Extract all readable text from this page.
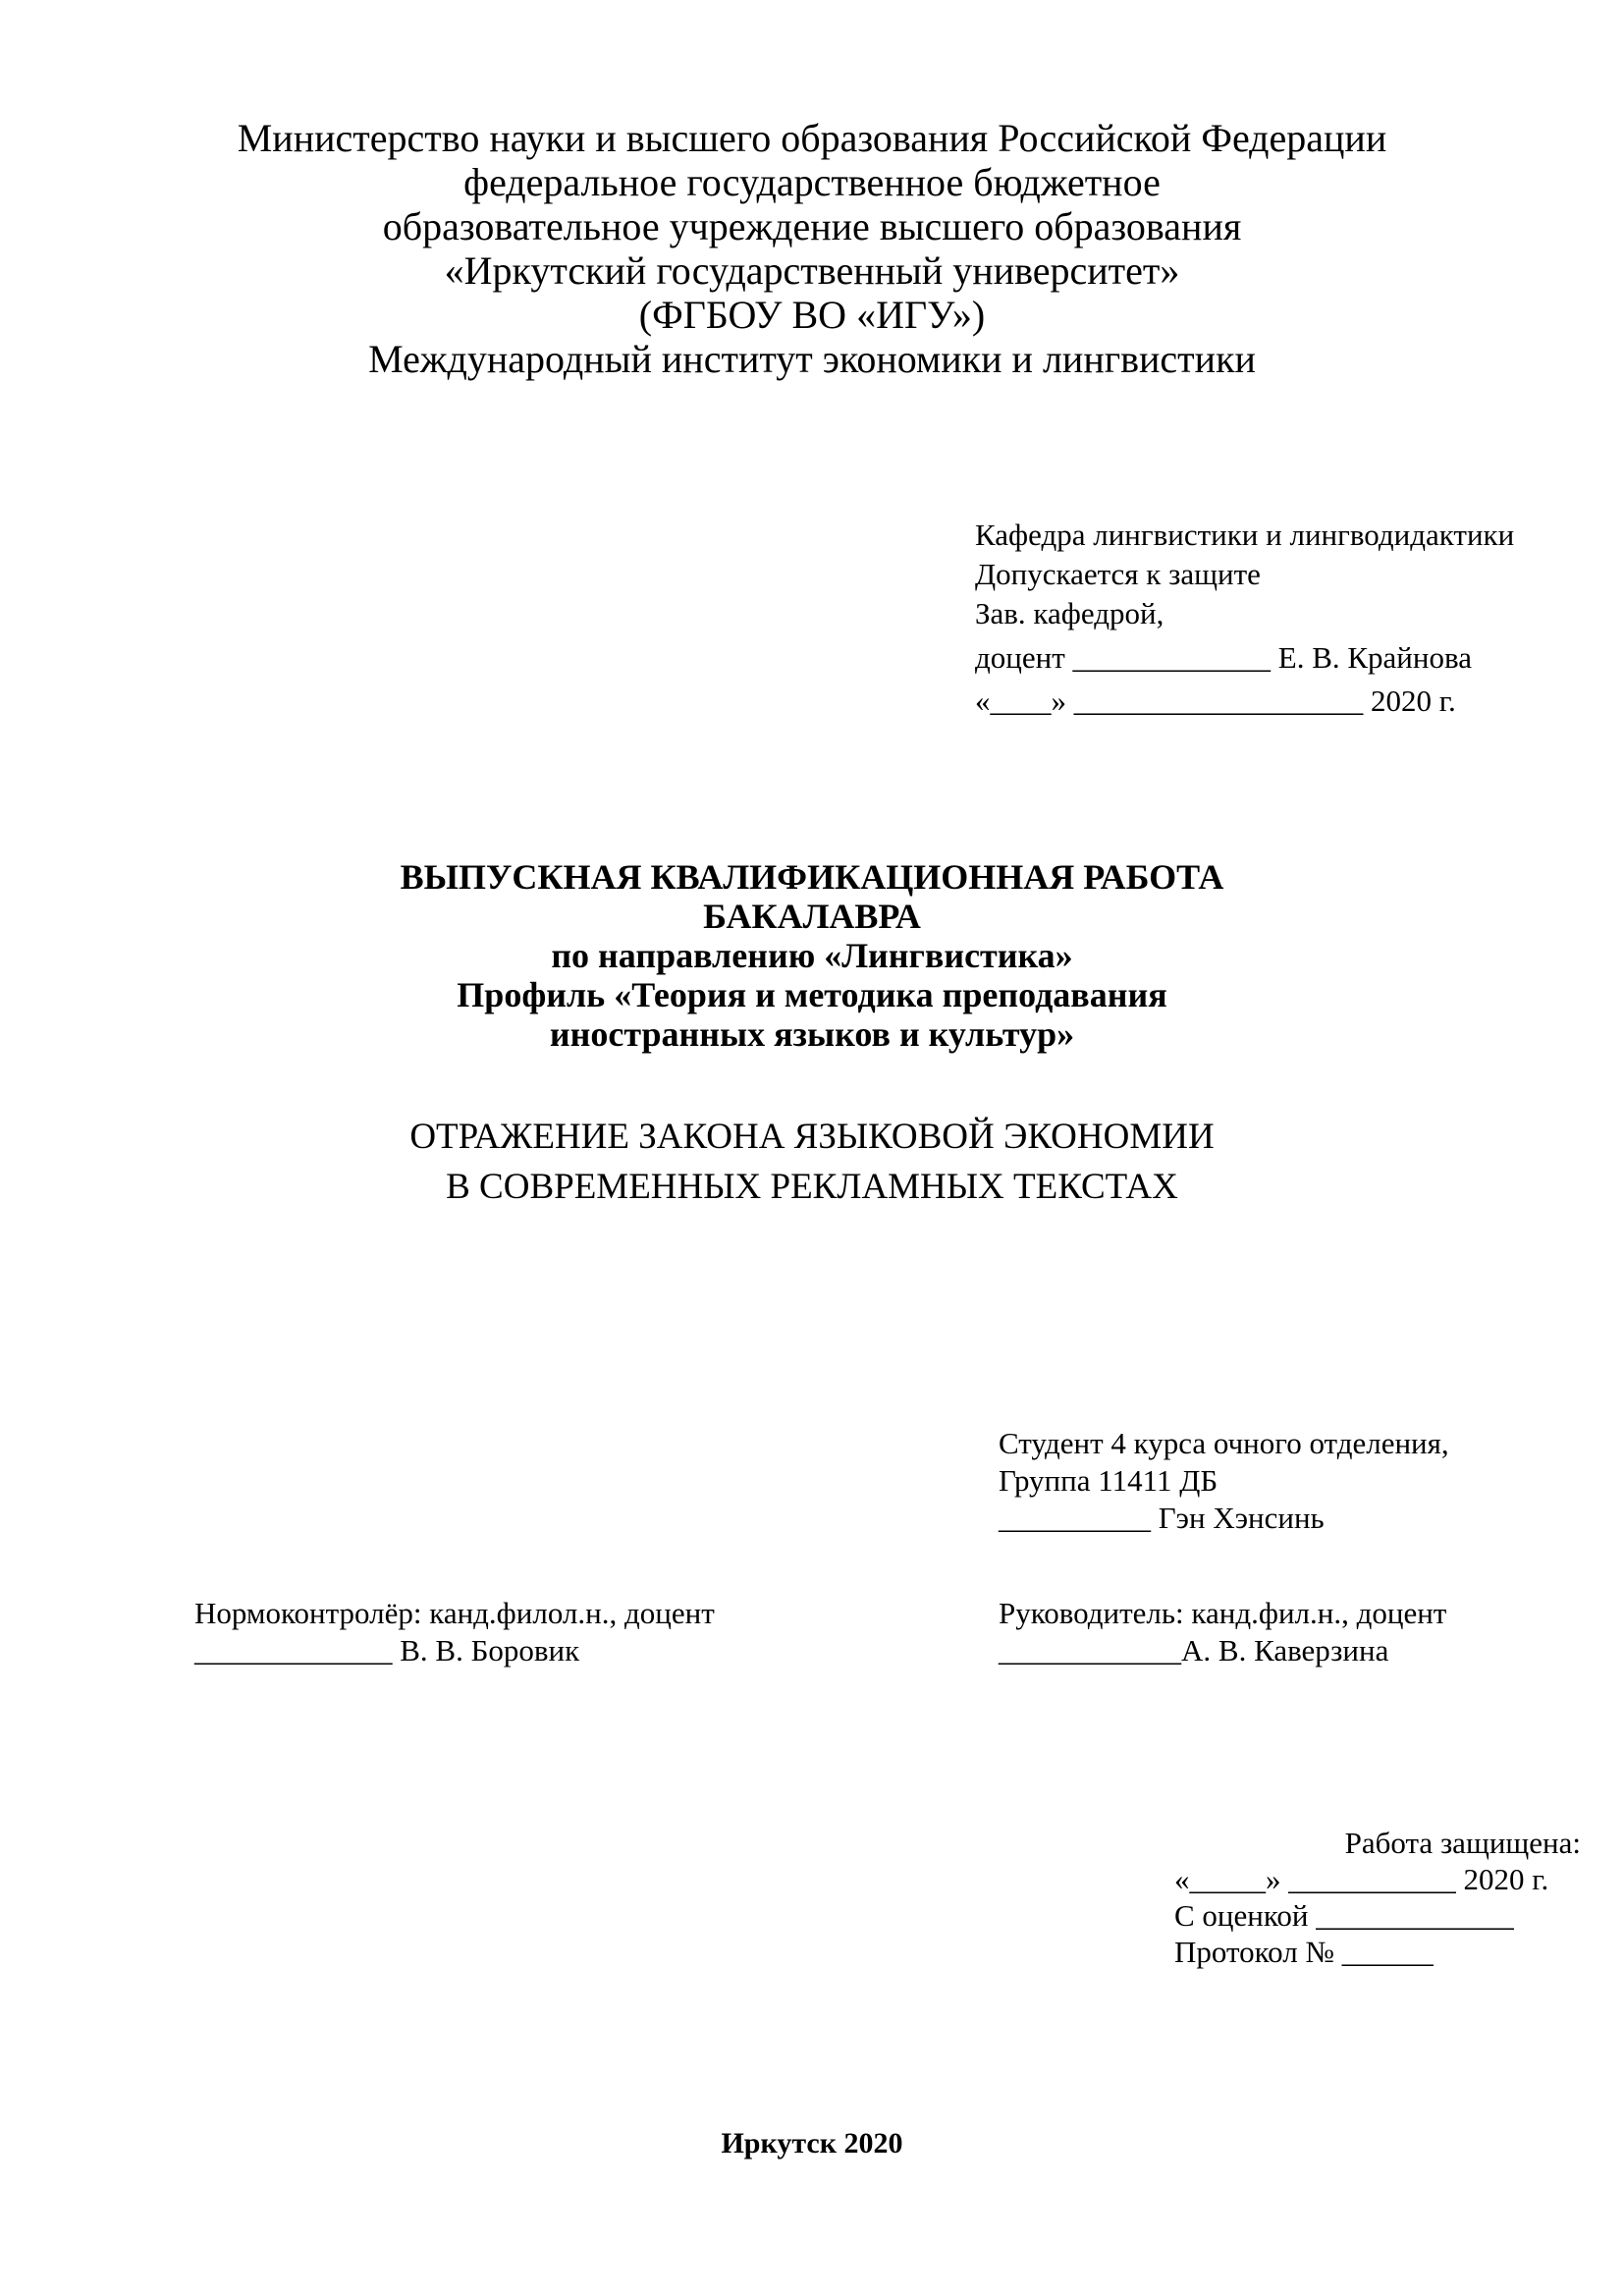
Министерство науки и высшего образования Российской Федерации
федеральное государственное бюджетное
образовательное учреждение высшего образования
«Иркутский государственный университет»
(ФГБОУ ВО «ИГУ»)
Международный институт экономики и лингвистики
Кафедра лингвистики и лингводидактики
Допускается к защите
Зав. кафедрой,
доцент _____________ Е. В. Крайнова
«____» ___________________ 2020 г.
ВЫПУСКНАЯ КВАЛИФИКАЦИОННАЯ РАБОТА
БАКАЛАВРА
по направлению «Лингвистика»
Профиль «Теория и методика преподавания
иностранных языков и культур»
ОТРАЖЕНИЕ ЗАКОНА ЯЗЫКОВОЙ ЭКОНОМИИ
В СОВРЕМЕННЫХ РЕКЛАМНЫХ ТЕКСТАХ
Студент 4 курса очного отделения,
Группа 11411 ДБ
__________ Гэн Хэнсинь
Нормоконтролёр: канд.филол.н., доцент
_____________ В. В. Боровик
Руководитель: канд.фил.н., доцент
____________А. В. Каверзина
Работа защищена:
«_____» ___________ 2020 г.
С оценкой _____________
Протокол № ______
Иркутск 2020
